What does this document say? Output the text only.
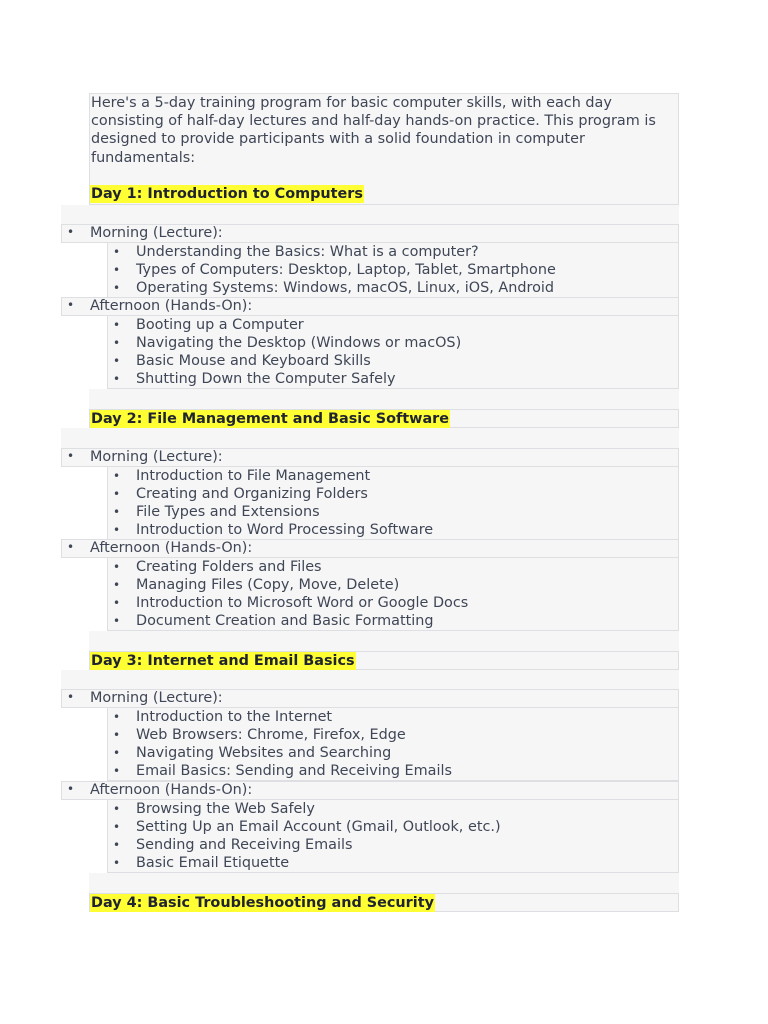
Here's a 5-day training program for basic computer skills, with each day consisting of half-day lectures and half-day hands-on practice. This program is designed to provide participants with a solid foundation in computer fundamentals:
Day 1: Introduction to Computers
• Morning (Lecture):
• Understanding the Basics: What is a computer?
• Types of Computers: Desktop, Laptop, Tablet, Smartphone
• Operating Systems: Windows, macOS, Linux, iOS, Android
• Afternoon (Hands-On):
• Booting up a Computer
• Navigating the Desktop (Windows or macOS)
• Basic Mouse and Keyboard Skills
• Shutting Down the Computer Safely
Day 2: File Management and Basic Software
• Morning (Lecture):
• Introduction to File Management
• Creating and Organizing Folders
• File Types and Extensions
• Introduction to Word Processing Software
• Afternoon (Hands-On):
• Creating Folders and Files
• Managing Files (Copy, Move, Delete)
• Introduction to Microsoft Word or Google Docs
• Document Creation and Basic Formatting
Day 3: Internet and Email Basics
• Morning (Lecture):
• Introduction to the Internet
• Web Browsers: Chrome, Firefox, Edge
• Navigating Websites and Searching
• Email Basics: Sending and Receiving Emails
• Afternoon (Hands-On):
• Browsing the Web Safely
• Setting Up an Email Account (Gmail, Outlook, etc.)
• Sending and Receiving Emails
• Basic Email Etiquette
Day 4: Basic Troubleshooting and Security
